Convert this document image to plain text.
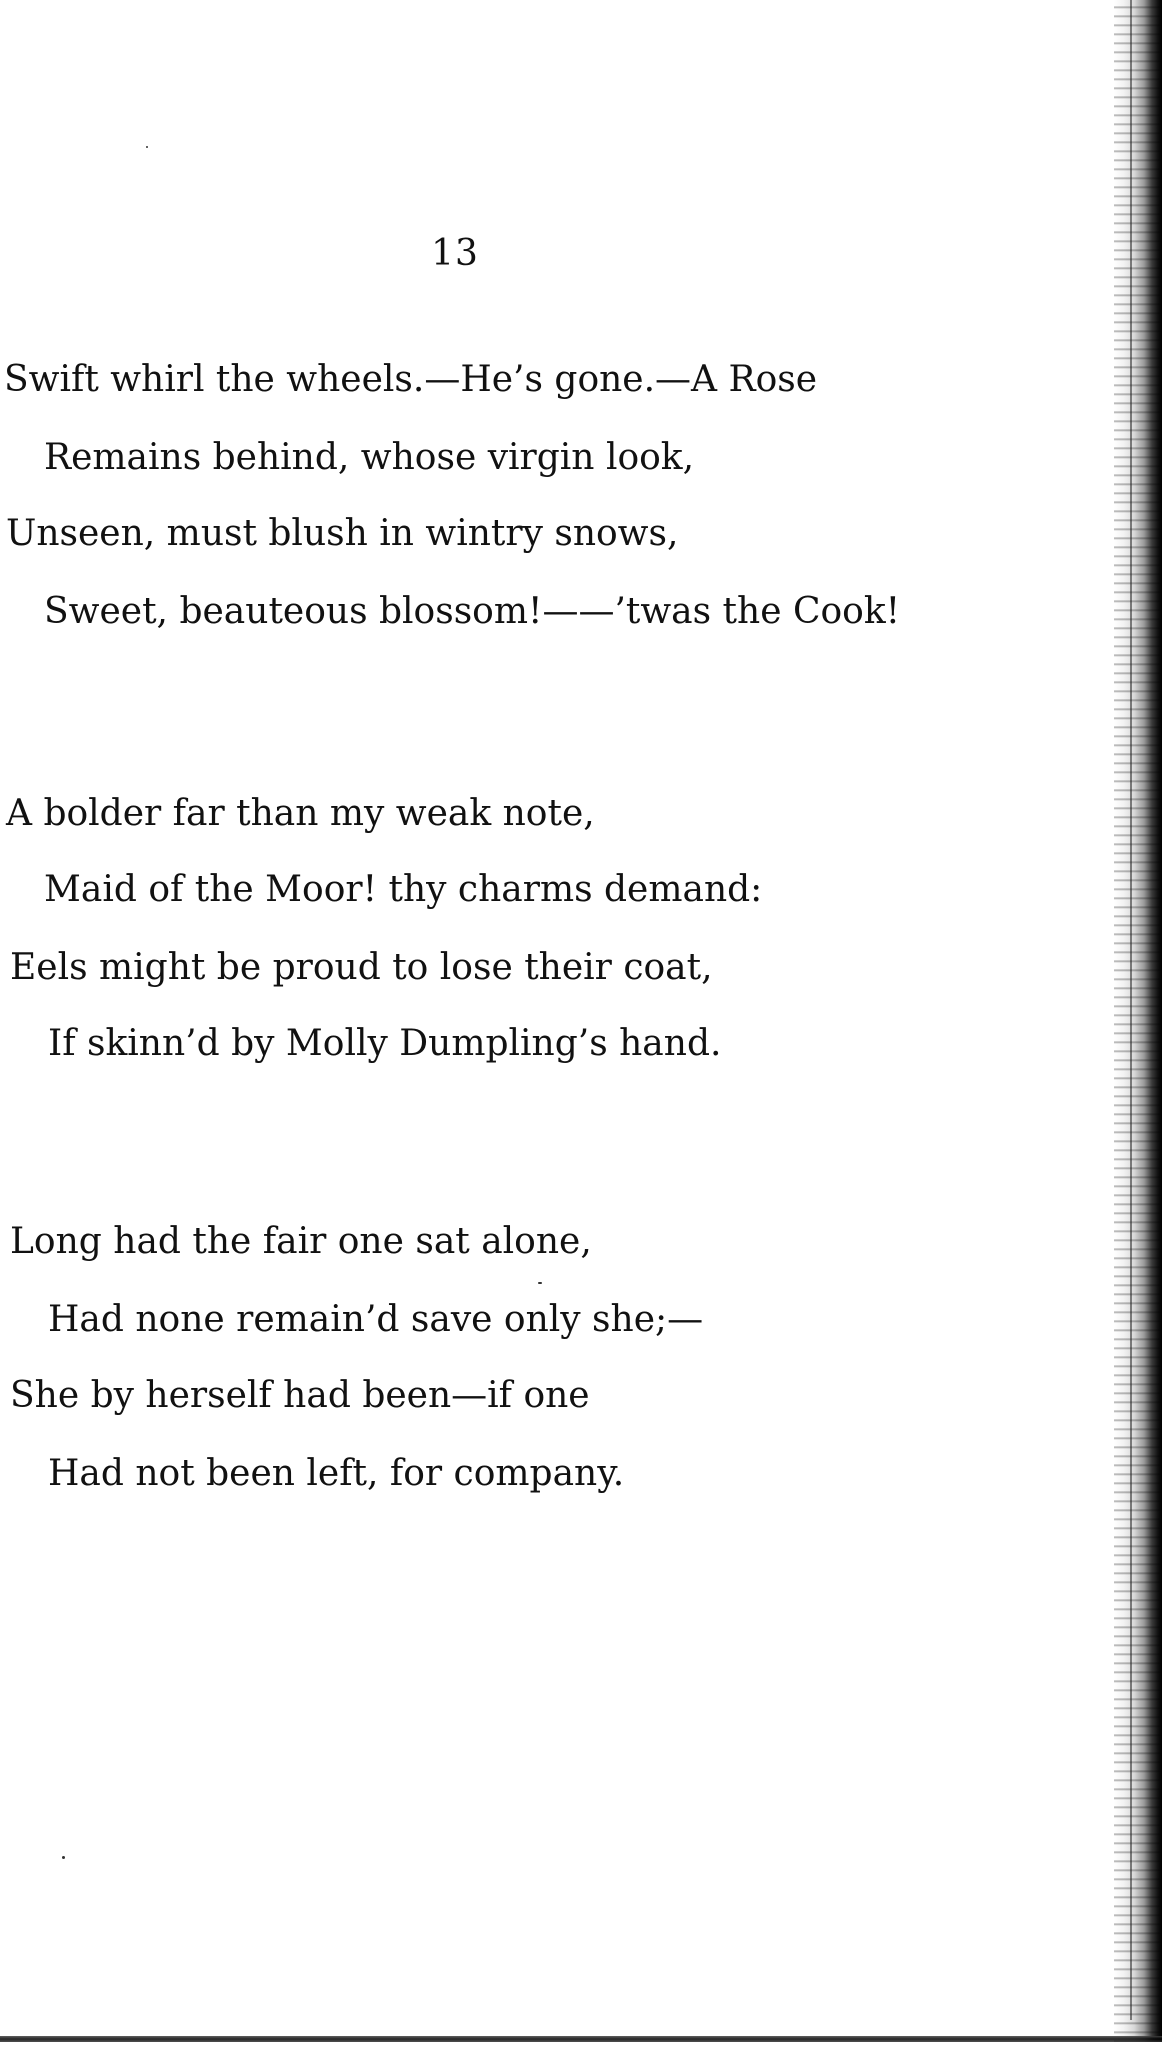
13
Swift whirl the wheels.—He’s gone.—A Rose
Remains behind, whose virgin look,
Unseen, must blush in wintry snows,
Sweet, beauteous blossom!——’twas the Cook!
A bolder far than my weak note,
Maid of the Moor! thy charms demand:
Eels might be proud to lose their coat,
If skinn’d by Molly Dumpling’s hand.
Long had the fair one sat alone,
Had none remain’d save only she;—
She by herself had been—if one
Had not been left, for company.
